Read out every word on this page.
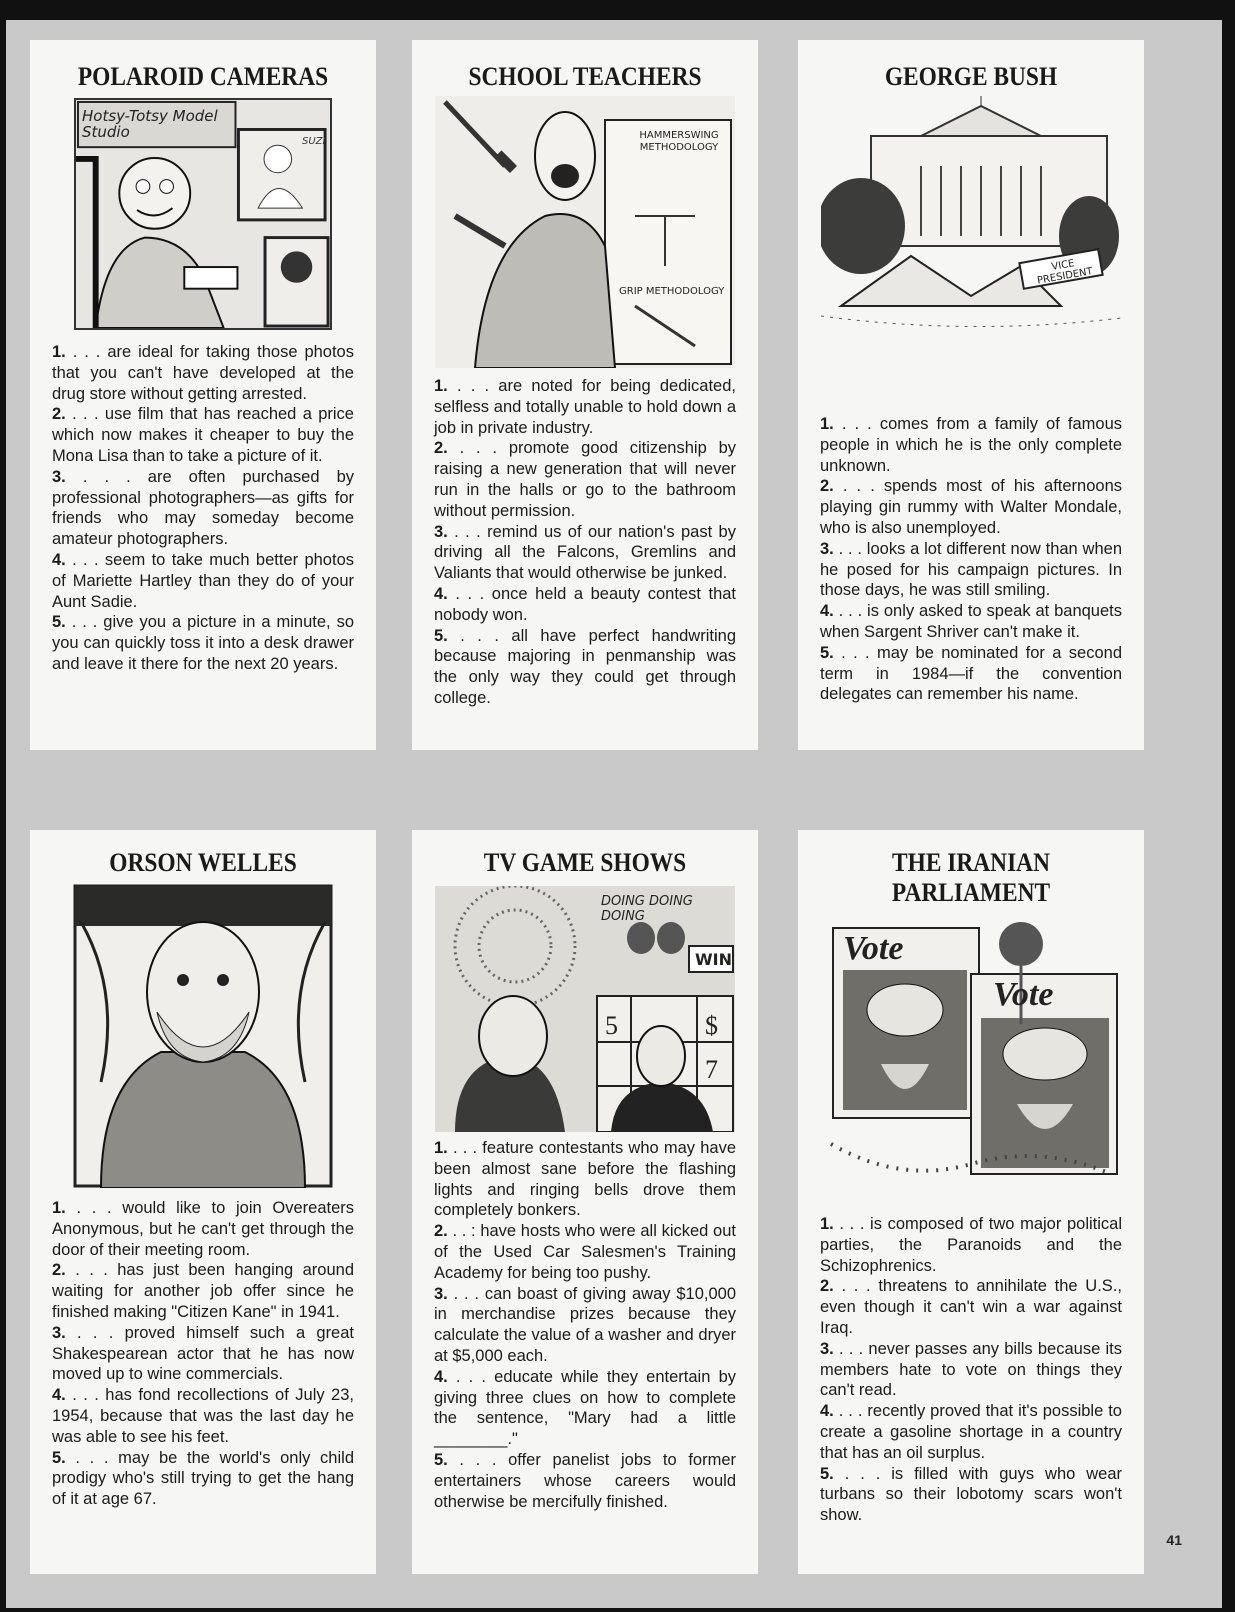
POLAROID CAMERAS
Hotsy-Totsy Model Studio
SUZI
1. . . . are ideal for taking those photos that you can't have developed at the drug store without getting arrested.
2. . . . use film that has reached a price which now makes it cheaper to buy the Mona Lisa than to take a picture of it.
3. . . . are often purchased by professional photographers—as gifts for friends who may someday become amateur photographers.
4. . . . seem to take much better photos of Mariette Hartley than they do of your Aunt Sadie.
5. . . . give you a picture in a minute, so you can quickly toss it into a desk drawer and leave it there for the next 20 years.
SCHOOL TEACHERS
HAMMERSWING METHODOLOGY
GRIP METHODOLOGY
1. . . . are noted for being dedicated, selfless and totally unable to hold down a job in private industry.
2. . . . promote good citizenship by raising a new generation that will never run in the halls or go to the bathroom without permission.
3. . . . remind us of our nation's past by driving all the Falcons, Gremlins and Valiants that would otherwise be junked.
4. . . . once held a beauty contest that nobody won.
5. . . . all have perfect handwriting because majoring in penmanship was the only way they could get through college.
GEORGE BUSH
VICE PRESIDENT
1. . . . comes from a family of famous people in which he is the only complete unknown.
2. . . . spends most of his afternoons playing gin rummy with Walter Mondale, who is also unemployed.
3. . . . looks a lot different now than when he posed for his campaign pictures. In those days, he was still smiling.
4. . . . is only asked to speak at banquets when Sargent Shriver can't make it.
5. . . . may be nominated for a second term in 1984—if the convention delegates can remember his name.
ORSON WELLES
1. . . . would like to join Overeaters Anonymous, but he can't get through the door of their meeting room.
2. . . . has just been hanging around waiting for another job offer since he finished making "Citizen Kane" in 1941.
3. . . . proved himself such a great Shakespearean actor that he has now moved up to wine commercials.
4. . . . has fond recollections of July 23, 1954, because that was the last day he was able to see his feet.
5. . . . may be the world's only child prodigy who's still trying to get the hang of it at age 67.
TV GAME SHOWS
5	$
7
DOING DOING DOING
WIN
1. . . . feature contestants who may have been almost sane before the flashing lights and ringing bells drove them completely bonkers.
2. . . : have hosts who were all kicked out of the Used Car Salesmen's Training Academy for being too pushy.
3. . . . can boast of giving away $10,000 in merchandise prizes because they calculate the value of a washer and dryer at $5,000 each.
4. . . . educate while they entertain by giving three clues on how to complete the sentence, "Mary had a little ________."
5. . . . offer panelist jobs to former entertainers whose careers would otherwise be mercifully finished.
THE IRANIAN PARLIAMENT
Vote
Vote
1. . . . is composed of two major political parties, the Paranoids and the Schizophrenics.
2. . . . threatens to annihilate the U.S., even though it can't win a war against Iraq.
3. . . . never passes any bills because its members hate to vote on things they can't read.
4. . . . recently proved that it's possible to create a gasoline shortage in a country that has an oil surplus.
5. . . . is filled with guys who wear turbans so their lobotomy scars won't show.
41
